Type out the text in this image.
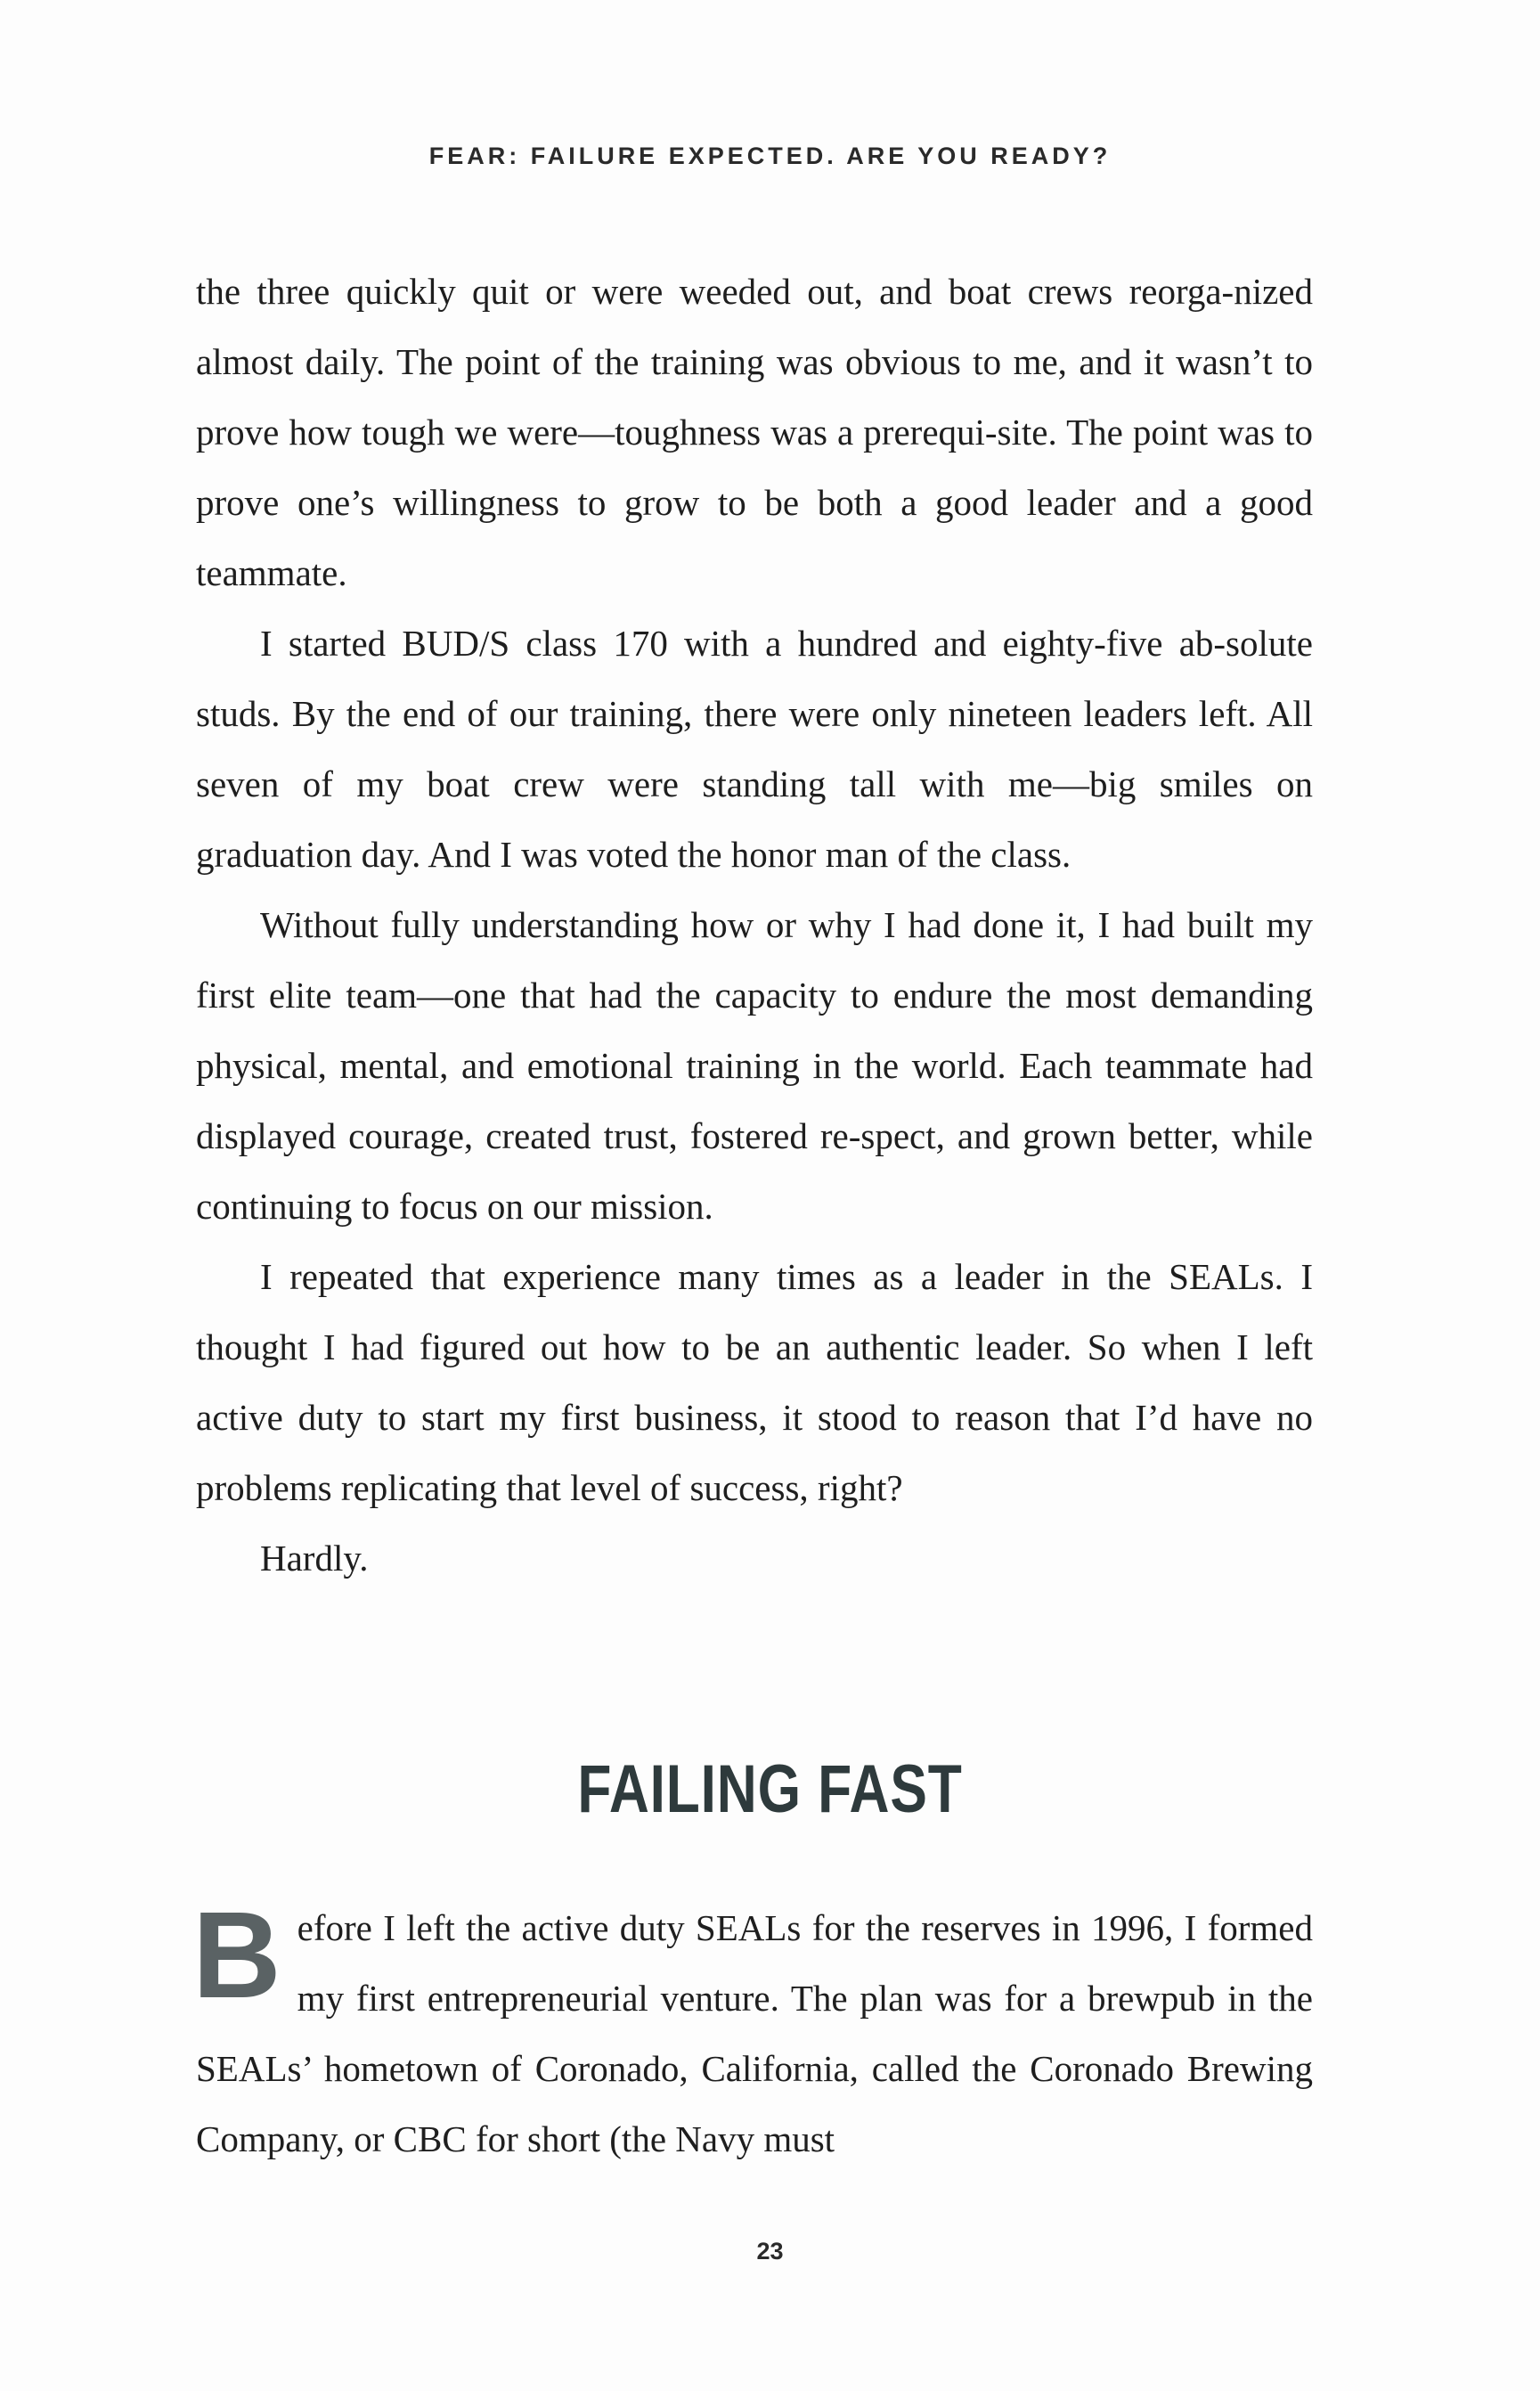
FEAR: FAILURE EXPECTED. ARE YOU READY?

the three quickly quit or were weeded out, and boat crews reorga-nized almost daily. The point of the training was obvious to me, and it wasn’t to prove how tough we were—toughness was a prerequi-site. The point was to prove one’s willingness to grow to be both a good leader and a good teammate.

I started BUD/S class 170 with a hundred and eighty-five ab-solute studs. By the end of our training, there were only nineteen leaders left. All seven of my boat crew were standing tall with me—big smiles on graduation day. And I was voted the honor man of the class.

Without fully understanding how or why I had done it, I had built my first elite team—one that had the capacity to endure the most demanding physical, mental, and emotional training in the world. Each teammate had displayed courage, created trust, fostered re-spect, and grown better, while continuing to focus on our mission.

I repeated that experience many times as a leader in the SEALs. I thought I had figured out how to be an authentic leader. So when I left active duty to start my first business, it stood to reason that I’d have no problems replicating that level of success, right?

Hardly.

FAILING FAST

Before I left the active duty SEALs for the reserves in 1996, I formed my first entrepreneurial venture. The plan was for a brewpub in the SEALs’ hometown of Coronado, California, called the Coronado Brewing Company, or CBC for short (the Navy must

23
